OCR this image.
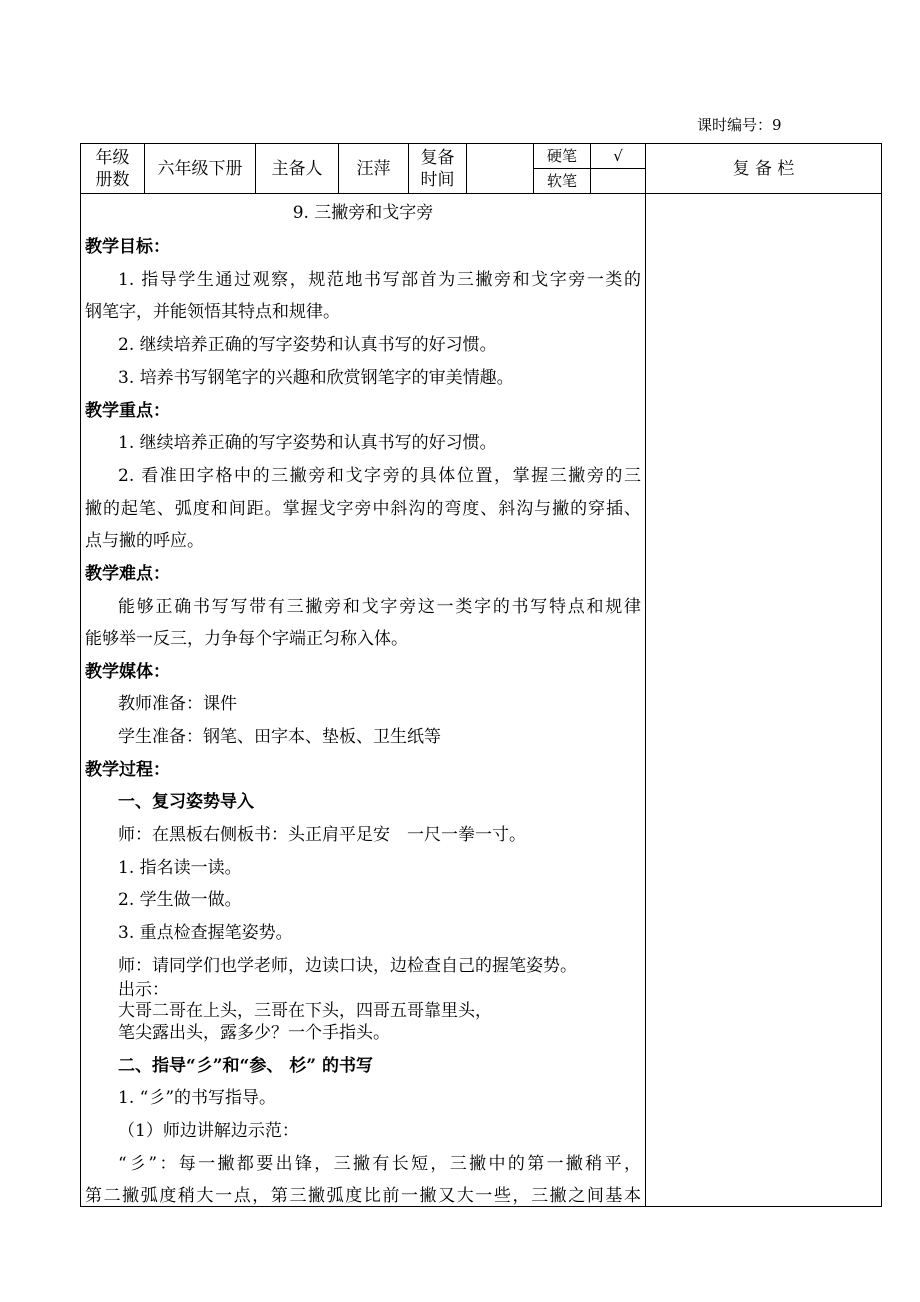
课时编号：9
年级
册数
六年级下册 主备人 汪萍
复备
时间
硬笔 √
软笔
复 备 栏
9. 三撇旁和戈字旁
教学目标：
1. 指导学生通过观察，规范地书写部首为三撇旁和戈字旁一类的
钢笔字，并能领悟其特点和规律。
2. 继续培养正确的写字姿势和认真书写的好习惯。
3. 培养书写钢笔字的兴趣和欣赏钢笔字的审美情趣。
教学重点：
1. 继续培养正确的写字姿势和认真书写的好习惯。
2. 看准田字格中的三撇旁和戈字旁的具体位置，掌握三撇旁的三
撇的起笔、弧度和间距。掌握戈字旁中斜沟的弯度、斜沟与撇的穿插、
点与撇的呼应。
教学难点：
能够正确书写写带有三撇旁和戈字旁这一类字的书写特点和规律
能够举一反三，力争每个字端正匀称入体。
教学媒体：
教师准备：课件
学生准备：钢笔、田字本、垫板、卫生纸等
教学过程：
一、复习姿势导入
师：在黑板右侧板书：头正肩平足安　一尺一拳一寸。
1. 指名读一读。
2. 学生做一做。
3. 重点检查握笔姿势。
师：请同学们也学老师，边读口诀，边检查自己的握笔姿势。
出示：
大哥二哥在上头，三哥在下头，四哥五哥靠里头，
笔尖露出头，露多少？一个手指头。
二、指导“彡”和“参、 杉” 的书写
1. “彡”的书写指导。
（1）师边讲解边示范：
“彡”：每一撇都要出锋，三撇有长短，三撇中的第一撇稍平，
第二撇弧度稍大一点，第三撇弧度比前一撇又大一些，三撇之间基本
